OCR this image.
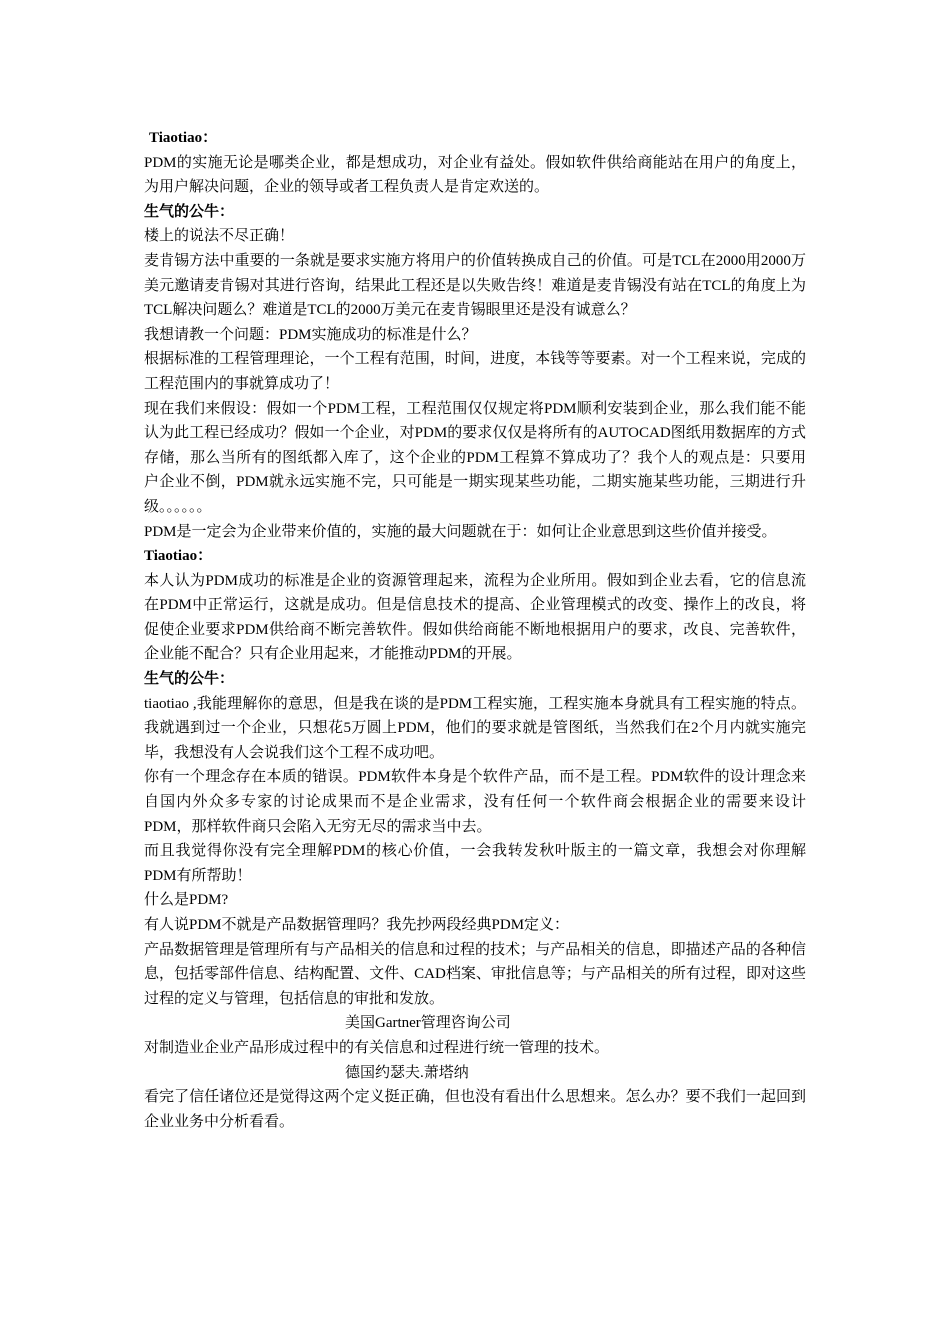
Tiaotiao：

PDM的实施无论是哪类企业，都是想成功，对企业有益处。假如软件供给商能站在用户的角度上，为用户解决问题，企业的领导或者工程负责人是肯定欢送的。

生气的公牛：

楼上的说法不尽正确！

麦肯锡方法中重要的一条就是要求实施方将用户的价值转换成自己的价值。可是TCL在2000用2000万美元邀请麦肯锡对其进行咨询，结果此工程还是以失败告终！难道是麦肯锡没有站在TCL的角度上为TCL解决问题么？难道是TCL的2000万美元在麦肯锡眼里还是没有诚意么？

我想请教一个问题：PDM实施成功的标准是什么？

根据标准的工程管理理论，一个工程有范围，时间，进度，本钱等等要素。对一个工程来说，完成的工程范围内的事就算成功了！

现在我们来假设：假如一个PDM工程，工程范围仅仅规定将PDM顺利安装到企业，那么我们能不能认为此工程已经成功？假如一个企业，对PDM的要求仅仅是将所有的AUTOCAD图纸用数据库的方式存储，那么当所有的图纸都入库了，这个企业的PDM工程算不算成功了？我个人的观点是：只要用户企业不倒，PDM就永远实施不完，只可能是一期实现某些功能，二期实施某些功能，三期进行升级。。。。。。

PDM是一定会为企业带来价值的，实施的最大问题就在于：如何让企业意思到这些价值并接受。

Tiaotiao：

本人认为PDM成功的标准是企业的资源管理起来，流程为企业所用。假如到企业去看，它的信息流在PDM中正常运行，这就是成功。但是信息技术的提高、企业管理模式的改变、操作上的改良，将促使企业要求PDM供给商不断完善软件。假如供给商能不断地根据用户的要求，改良、完善软件，企业能不配合？只有企业用起来，才能推动PDM的开展。

生气的公牛：

tiaotiao ,我能理解你的意思，但是我在谈的是PDM工程实施，工程实施本身就具有工程实施的特点。我就遇到过一个企业，只想花5万圆上PDM，他们的要求就是管图纸，当然我们在2个月内就实施完毕，我想没有人会说我们这个工程不成功吧。

你有一个理念存在本质的错误。PDM软件本身是个软件产品，而不是工程。PDM软件的设计理念来自国内外众多专家的讨论成果而不是企业需求，没有任何一个软件商会根据企业的需要来设计PDM，那样软件商只会陷入无穷无尽的需求当中去。

而且我觉得你没有完全理解PDM的核心价值，一会我转发秋叶版主的一篇文章，我想会对你理解PDM有所帮助！

什么是PDM?

有人说PDM不就是产品数据管理吗？我先抄两段经典PDM定义：

产品数据管理是管理所有与产品相关的信息和过程的技术；与产品相关的信息，即描述产品的各种信息，包括零部件信息、结构配置、文件、CAD档案、审批信息等；与产品相关的所有过程，即对这些过程的定义与管理，包括信息的审批和发放。

美国Gartner管理咨询公司

对制造业企业产品形成过程中的有关信息和过程进行统一管理的技术。

德国约瑟夫.萧塔纳

看完了信任诸位还是觉得这两个定义挺正确，但也没有看出什么思想来。怎么办？要不我们一起回到企业业务中分析看看。
